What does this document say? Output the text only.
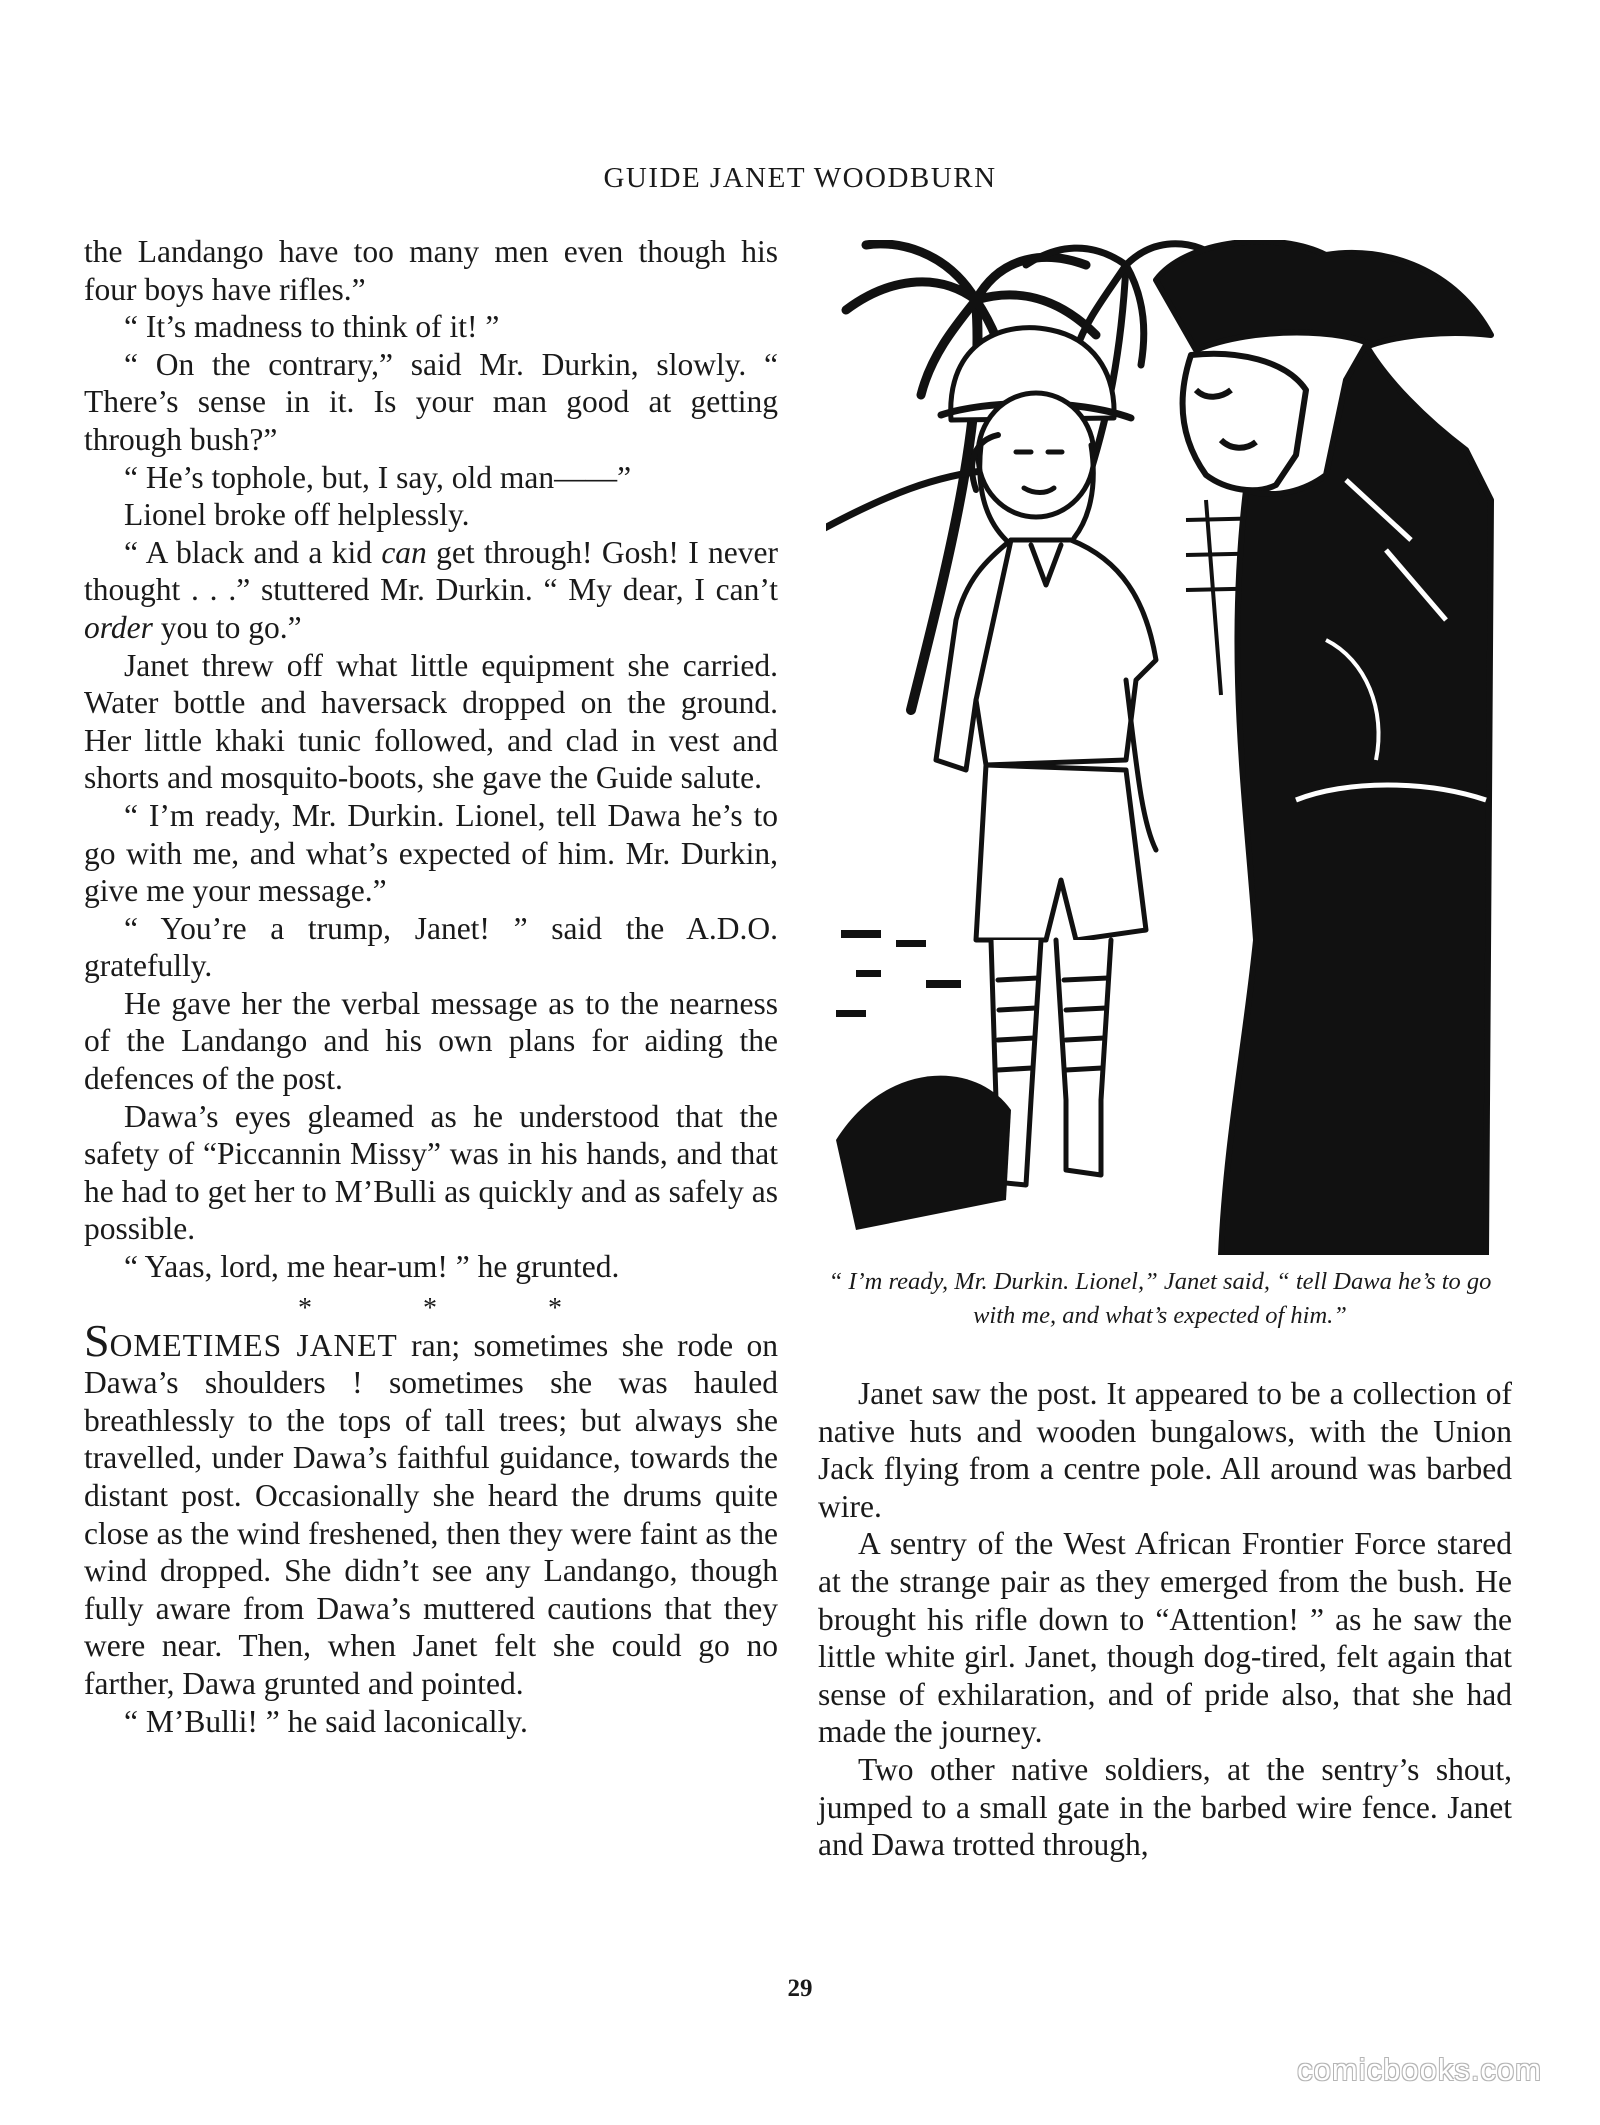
GUIDE JANET WOODBURN

the Landango have too many men even though his four boys have rifles.”

“ It’s madness to think of it! ”

“ On the contrary,” said Mr. Durkin, slowly. “ There’s sense in it. Is your man good at getting through bush?”

“ He’s tophole, but, I say, old man——”

Lionel broke off helplessly.

“ A black and a kid can get through! Gosh! I never thought . . .” stuttered Mr. Durkin. “ My dear, I can’t order you to go.”

Janet threw off what little equipment she carried. Water bottle and haversack dropped on the ground. Her little khaki tunic followed, and clad in vest and shorts and mosquito-boots, she gave the Guide salute.

“ I’m ready, Mr. Durkin. Lionel, tell Dawa he’s to go with me, and what’s expected of him. Mr. Durkin, give me your message.”

“ You’re a trump, Janet! ” said the A.D.O. gratefully.

He gave her the verbal message as to the nearness of the Landango and his own plans for aiding the defences of the post.

Dawa’s eyes gleamed as he understood that the safety of “Piccannin Missy” was in his hands, and that he had to get her to M’Bulli as quickly and as safely as possible.

“ Yaas, lord, me hear-um! ” he grunted.

* * *

SOMETIMES JANET ran; sometimes she rode on Dawa’s shoulders ! sometimes she was hauled breathlessly to the tops of tall trees; but always she travelled, under Dawa’s faithful guidance, towards the distant post. Occasionally she heard the drums quite close as the wind freshened, then they were faint as the wind dropped. She didn’t see any Landango, though fully aware from Dawa’s muttered cautions that they were near. Then, when Janet felt she could go no farther, Dawa grunted and pointed.

“ M’Bulli! ” he said laconically.

“ I’m ready, Mr. Durkin. Lionel,” Janet said, “ tell Dawa he’s to go with me, and what’s expected of him.”

Janet saw the post. It appeared to be a collection of native huts and wooden bungalows, with the Union Jack flying from a centre pole. All around was barbed wire.

A sentry of the West African Frontier Force stared at the strange pair as they emerged from the bush. He brought his rifle down to “Attention! ” as he saw the little white girl. Janet, though dog-tired, felt again that sense of exhilaration, and of pride also, that she had made the journey.

Two other native soldiers, at the sentry’s shout, jumped to a small gate in the barbed wire fence. Janet and Dawa trotted through,

29
comicbooks.com
